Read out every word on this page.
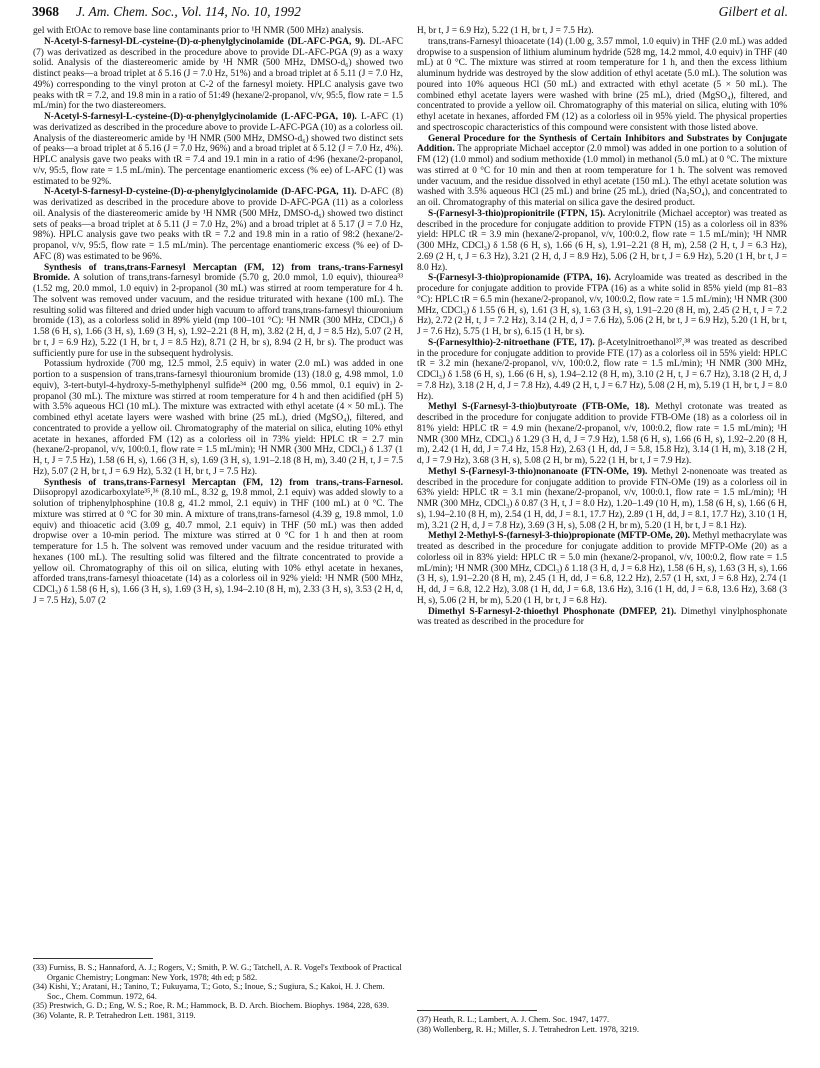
3968 J. Am. Chem. Soc., Vol. 114, No. 10, 1992	Gilbert et al.

gel with EtOAc to remove base line contaminants prior to ¹H NMR (500 MHz) analysis.

N-Acetyl-S-farnesyl-DL-cysteine-(D)-α-phenylglycinolamide (DL-AFC-PGA, 9). DL-AFC (7) was derivatized as described in the procedure above to provide DL-AFC-PGA (9) as a waxy solid. Analysis of the diastereomeric amide by ¹H NMR (500 MHz, DMSO-d₆) showed two distinct peaks—a broad triplet at δ 5.16 (J = 7.0 Hz, 51%) and a broad triplet at δ 5.11 (J = 7.0 Hz, 49%) corresponding to the vinyl proton at C-2 of the farnesyl moiety. HPLC analysis gave two peaks with tR = 7.2, and 19.8 min in a ratio of 51:49 (hexane/2-propanol, v/v, 95:5, flow rate = 1.5 mL/min) for the two diastereomers.

N-Acetyl-S-farnesyl-L-cysteine-(D)-α-phenylglycinolamide (L-AFC-PGA, 10). L-AFC (1) was derivatized as described in the procedure above to provide L-AFC-PGA (10) as a colorless oil. Analysis of the diastereomeric amide by ¹H NMR (500 MHz, DMSO-d₆) showed two distinct sets of peaks—a broad triplet at δ 5.16 (J = 7.0 Hz, 96%) and a broad triplet at δ 5.12 (J = 7.0 Hz, 4%). HPLC analysis gave two peaks with tR = 7.4 and 19.1 min in a ratio of 4:96 (hexane/2-propanol, v/v, 95:5, flow rate = 1.5 mL/min). The percentage enantiomeric excess (% ee) of L-AFC (1) was estimated to be 92%.

N-Acetyl-S-farnesyl-D-cysteine-(D)-α-phenylglycinolamide (D-AFC-PGA, 11). D-AFC (8) was derivatized as described in the procedure above to provide D-AFC-PGA (11) as a colorless oil. Analysis of the diastereomeric amide by ¹H NMR (500 MHz, DMSO-d₆) showed two distinct sets of peaks—a broad triplet at δ 5.11 (J = 7.0 Hz, 2%) and a broad triplet at δ 5.17 (J = 7.0 Hz, 98%). HPLC analysis gave two peaks with tR = 7.2 and 19.8 min in a ratio of 98:2 (hexane/2-propanol, v/v, 95:5, flow rate = 1.5 mL/min). The percentage enantiomeric excess (% ee) of D-AFC (8) was estimated to be 96%.

Synthesis of trans,trans-Farnesyl Mercaptan (FM, 12) from trans,-trans-Farnesyl Bromide. A solution of trans,trans-farnesyl bromide (5.70 g, 20.0 mmol, 1.0 equiv), thiourea³³ (1.52 mg, 20.0 mmol, 1.0 equiv) in 2-propanol (30 mL) was stirred at room temperature for 4 h. The solvent was removed under vacuum, and the residue triturated with hexane (100 mL). The resulting solid was filtered and dried under high vacuum to afford trans,trans-farnesyl thiouronium bromide (13), as a colorless solid in 89% yield (mp 100–101 °C): ¹H NMR (300 MHz, CDCl₃) δ 1.58 (6 H, s), 1.66 (3 H, s), 1.69 (3 H, s), 1.92–2.21 (8 H, m), 3.82 (2 H, d, J = 8.5 Hz), 5.07 (2 H, br t, J = 6.9 Hz), 5.22 (1 H, br t, J = 8.5 Hz), 8.71 (2 H, br s), 8.94 (2 H, br s). The product was sufficiently pure for use in the subsequent hydrolysis.

Potassium hydroxide (700 mg, 12.5 mmol, 2.5 equiv) in water (2.0 mL) was added in one portion to a suspension of trans,trans-farnesyl thiouronium bromide (13) (18.0 g, 4.98 mmol, 1.0 equiv), 3-tert-butyl-4-hydroxy-5-methylphenyl sulfide³⁴ (200 mg, 0.56 mmol, 0.1 equiv) in 2-propanol (30 mL). The mixture was stirred at room temperature for 4 h and then acidified (pH 5) with 3.5% aqueous HCl (10 mL). The mixture was extracted with ethyl acetate (4 × 50 mL). The combined ethyl acetate layers were washed with brine (25 mL), dried (MgSO₄), filtered, and concentrated to provide a yellow oil. Chromatography of the material on silica, eluting 10% ethyl acetate in hexanes, afforded FM (12) as a colorless oil in 73% yield: HPLC tR = 2.7 min (hexane/2-propanol, v/v, 100:0.1, flow rate = 1.5 mL/min); ¹H NMR (300 MHz, CDCl₃) δ 1.37 (1 H, t, J = 7.5 Hz), 1.58 (6 H, s), 1.66 (3 H, s), 1.69 (3 H, s), 1.91–2.18 (8 H, m), 3.40 (2 H, t, J = 7.5 Hz), 5.07 (2 H, br t, J = 6.9 Hz), 5.32 (1 H, br t, J = 7.5 Hz).

Synthesis of trans,trans-Farnesyl Mercaptan (FM, 12) from trans,-trans-Farnesol. Diisopropyl azodicarboxylate³⁵,³⁶ (8.10 mL, 8.32 g, 19.8 mmol, 2.1 equiv) was added slowly to a solution of triphenylphosphine (10.8 g, 41.2 mmol, 2.1 equiv) in THF (100 mL) at 0 °C. The mixture was stirred at 0 °C for 30 min. A mixture of trans,trans-farnesol (4.39 g, 19.8 mmol, 1.0 equiv) and thioacetic acid (3.09 g, 40.7 mmol, 2.1 equiv) in THF (50 mL) was then added dropwise over a 10-min period. The mixture was stirred at 0 °C for 1 h and then at room temperature for 1.5 h. The solvent was removed under vacuum and the residue triturated with hexanes (100 mL). The resulting solid was filtered and the filtrate concentrated to provide a yellow oil. Chromatography of this oil on silica, eluting with 10% ethyl acetate in hexanes, afforded trans,trans-farnesyl thioacetate (14) as a colorless oil in 92% yield: ¹H NMR (500 MHz, CDCl₃) δ 1.58 (6 H, s), 1.66 (3 H, s), 1.69 (3 H, s), 1.94–2.10 (8 H, m), 2.33 (3 H, s), 3.53 (2 H, d, J = 7.5 Hz), 5.07 (2

H, br t, J = 6.9 Hz), 5.22 (1 H, br t, J = 7.5 Hz).

trans,trans-Farnesyl thioacetate (14) (1.00 g, 3.57 mmol, 1.0 equiv) in THF (2.0 mL) was added dropwise to a suspension of lithium aluminum hydride (528 mg, 14.2 mmol, 4.0 equiv) in THF (40 mL) at 0 °C. The mixture was stirred at room temperature for 1 h, and then the excess lithium aluminum hydride was destroyed by the slow addition of ethyl acetate (5.0 mL). The solution was poured into 10% aqueous HCl (50 mL) and extracted with ethyl acetate (5 × 50 mL). The combined ethyl acetate layers were washed with brine (25 mL), dried (MgSO₄), filtered, and concentrated to provide a yellow oil. Chromatography of this material on silica, eluting with 10% ethyl acetate in hexanes, afforded FM (12) as a colorless oil in 95% yield. The physical properties and spectroscopic characteristics of this compound were consistent with those listed above.

General Procedure for the Synthesis of Certain Inhibitors and Substrates by Conjugate Addition. The appropriate Michael acceptor (2.0 mmol) was added in one portion to a solution of FM (12) (1.0 mmol) and sodium methoxide (1.0 mmol) in methanol (5.0 mL) at 0 °C. The mixture was stirred at 0 °C for 10 min and then at room temperature for 1 h. The solvent was removed under vacuum, and the residue dissolved in ethyl acetate (150 mL). The ethyl acetate solution was washed with 3.5% aqueous HCl (25 mL) and brine (25 mL), dried (Na₂SO₄), and concentrated to an oil. Chromatography of this material on silica gave the desired product.

S-(Farnesyl-3-thio)propionitrile (FTPN, 15). Acrylonitrile (Michael acceptor) was treated as described in the procedure for conjugate addition to provide FTPN (15) as a colorless oil in 83% yield: HPLC tR = 3.9 min (hexane/2-propanol, v/v, 100:0.2, flow rate = 1.5 mL/min); ¹H NMR (300 MHz, CDCl₃) δ 1.58 (6 H, s), 1.66 (6 H, s), 1.91–2.21 (8 H, m), 2.58 (2 H, t, J = 6.3 Hz), 2.69 (2 H, t, J = 6.3 Hz), 3.21 (2 H, d, J = 8.9 Hz), 5.06 (2 H, br t, J = 6.9 Hz), 5.20 (1 H, br t, J = 8.0 Hz).

S-(Farnesyl-3-thio)propionamide (FTPA, 16). Acryloamide was treated as described in the procedure for conjugate addition to provide FTPA (16) as a white solid in 85% yield (mp 81–83 °C): HPLC tR = 6.5 min (hexane/2-propanol, v/v, 100:0.2, flow rate = 1.5 mL/min); ¹H NMR (300 MHz, CDCl₃) δ 1.55 (6 H, s), 1.61 (3 H, s), 1.63 (3 H, s), 1.91–2.20 (8 H, m), 2.45 (2 H, t, J = 7.2 Hz), 2.72 (2 H, t, J = 7.2 Hz), 3.14 (2 H, d, J = 7.6 Hz), 5.06 (2 H, br t, J = 6.9 Hz), 5.20 (1 H, br t, J = 7.6 Hz), 5.75 (1 H, br s), 6.15 (1 H, br s).

S-(Farnesylthio)-2-nitroethane (FTE, 17). β-Acetylnitroethanol³⁷,³⁸ was treated as described in the procedure for conjugate addition to provide FTE (17) as a colorless oil in 55% yield: HPLC tR = 3.2 min (hexane/2-propanol, v/v, 100:0.2, flow rate = 1.5 mL/min); ¹H NMR (300 MHz, CDCl₃) δ 1.58 (6 H, s), 1.66 (6 H, s), 1.94–2.12 (8 H, m), 3.10 (2 H, t, J = 6.7 Hz), 3.18 (2 H, d, J = 7.8 Hz), 3.18 (2 H, d, J = 7.8 Hz), 4.49 (2 H, t, J = 6.7 Hz), 5.08 (2 H, m), 5.19 (1 H, br t, J = 8.0 Hz).

Methyl S-(Farnesyl-3-thio)butyroate (FTB-OMe, 18). Methyl crotonate was treated as described in the procedure for conjugate addition to provide FTB-OMe (18) as a colorless oil in 81% yield: HPLC tR = 4.9 min (hexane/2-propanol, v/v, 100:0.2, flow rate = 1.5 mL/min); ¹H NMR (300 MHz, CDCl₃) δ 1.29 (3 H, d, J = 7.9 Hz), 1.58 (6 H, s), 1.66 (6 H, s), 1.92–2.20 (8 H, m), 2.42 (1 H, dd, J = 7.4 Hz, 15.8 Hz), 2.63 (1 H, dd, J = 5.8, 15.8 Hz), 3.14 (1 H, m), 3.18 (2 H, d, J = 7.9 Hz), 3.68 (3 H, s), 5.08 (2 H, br m), 5.22 (1 H, br t, J = 7.9 Hz).

Methyl S-(Farnesyl-3-thio)nonanoate (FTN-OMe, 19). Methyl 2-nonenoate was treated as described in the procedure for conjugate addition to provide FTN-OMe (19) as a colorless oil in 63% yield: HPLC tR = 3.1 min (hexane/2-propanol, v/v, 100:0.1, flow rate = 1.5 mL/min); ¹H NMR (300 MHz, CDCl₃) δ 0.87 (3 H, t, J = 8.0 Hz), 1.20–1.49 (10 H, m), 1.58 (6 H, s), 1.66 (6 H, s), 1.94–2.10 (8 H, m), 2.54 (1 H, dd, J = 8.1, 17.7 Hz), 2.89 (1 H, dd, J = 8.1, 17.7 Hz), 3.10 (1 H, m), 3.21 (2 H, d, J = 7.8 Hz), 3.69 (3 H, s), 5.08 (2 H, br m), 5.20 (1 H, br t, J = 8.1 Hz).

Methyl 2-Methyl-S-(farnesyl-3-thio)propionate (MFTP-OMe, 20). Methyl methacrylate was treated as described in the procedure for conjugate addition to provide MFTP-OMe (20) as a colorless oil in 83% yield: HPLC tR = 5.0 min (hexane/2-propanol, v/v, 100:0.2, flow rate = 1.5 mL/min); ¹H NMR (300 MHz, CDCl₃) δ 1.18 (3 H, d, J = 6.8 Hz), 1.58 (6 H, s), 1.63 (3 H, s), 1.66 (3 H, s), 1.91–2.20 (8 H, m), 2.45 (1 H, dd, J = 6.8, 12.2 Hz), 2.57 (1 H, sxt, J = 6.8 Hz), 2.74 (1 H, dd, J = 6.8, 12.2 Hz), 3.08 (1 H, dd, J = 6.8, 13.6 Hz), 3.16 (1 H, dd, J = 6.8, 13.6 Hz), 3.68 (3 H, s), 5.06 (2 H, br m), 5.20 (1 H, br t, J = 6.8 Hz).

Dimethyl S-Farnesyl-2-thioethyl Phosphonate (DMFEP, 21). Dimethyl vinylphosphonate was treated as described in the procedure for

(33) Furniss, B. S.; Hannaford, A. J.; Rogers, V.; Smith, P. W. G.; Tatchell, A. R. Vogel's Textbook of Practical Organic Chemistry; Longman: New York, 1978; 4th ed; p 582.

(34) Kishi, Y.; Aratani, H.; Tanino, T.; Fukuyama, T.; Goto, S.; Inoue, S.; Sugiura, S.; Kakoi, H. J. Chem. Soc., Chem. Commun. 1972, 64.

(35) Prestwich, G. D.; Eng, W. S.; Roe, R. M.; Hammock, B. D. Arch. Biochem. Biophys. 1984, 228, 639.

(36) Volante, R. P. Tetrahedron Lett. 1981, 3119.	(37) Heath, R. L.; Lambert, A. J. Chem. Soc. 1947, 1477.

(38) Wollenberg, R. H.; Miller, S. J. Tetrahedron Lett. 1978, 3219.
